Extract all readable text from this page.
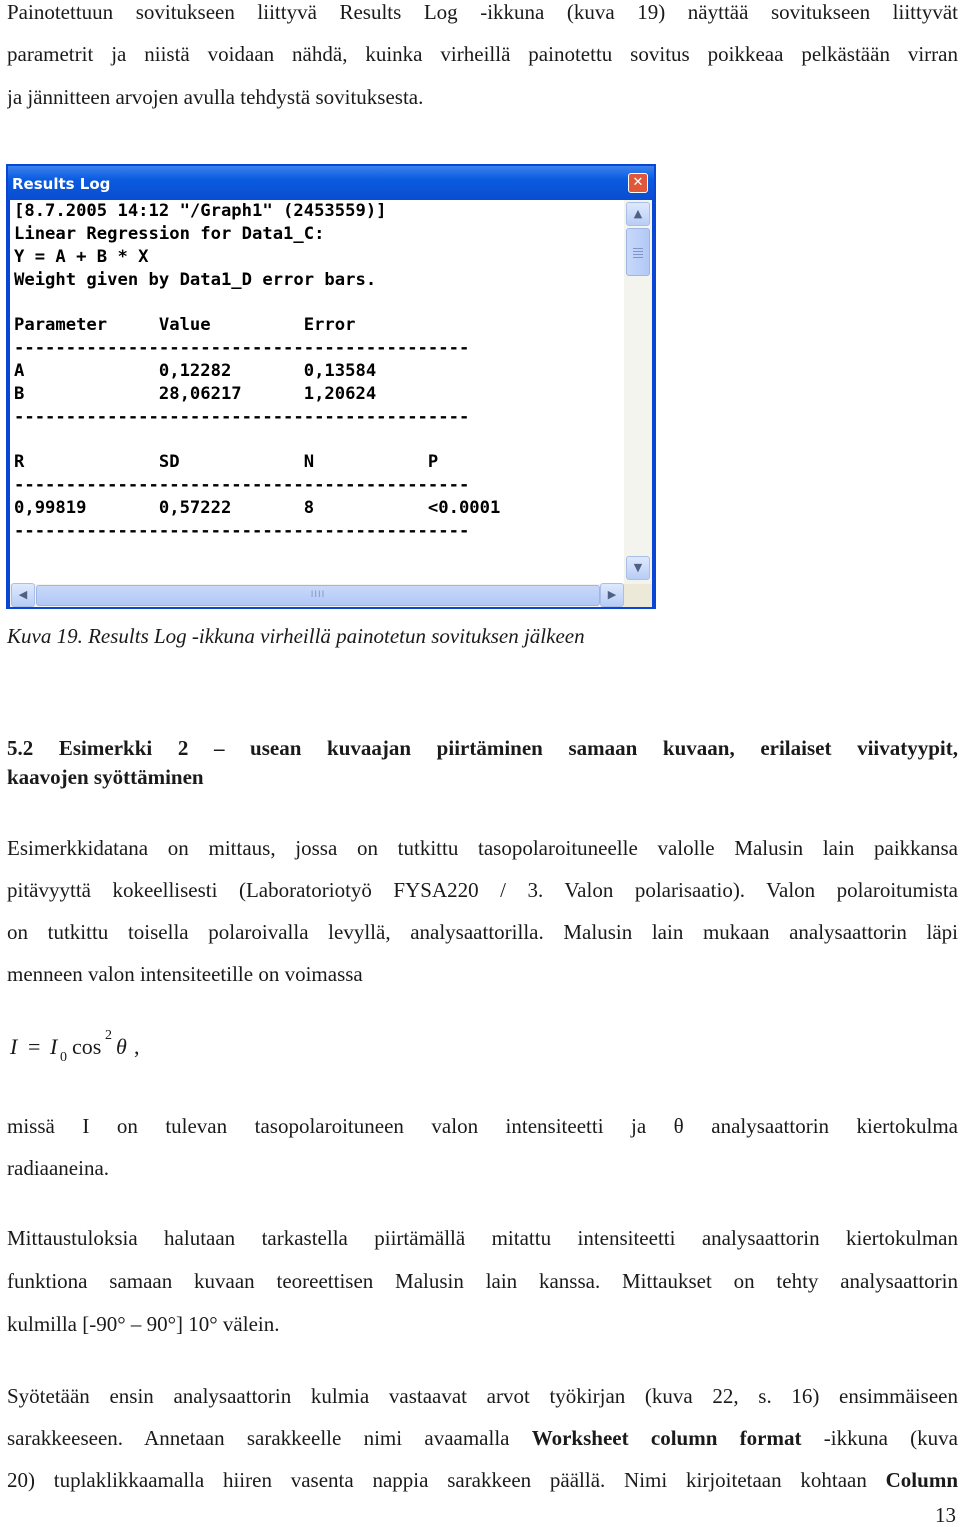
Painotettuun sovitukseen liittyvä Results Log -ikkuna (kuva 19) näyttää sovitukseen liittyvät
parametrit ja niistä voidaan nähdä, kuinka virheillä painotettu sovitus poikkeaa pelkästään virran
ja jännitteen arvojen avulla tehdystä sovituksesta.
Results Log	✕
[8.7.2005 14:12 "/Graph1" (2453559)]
Linear Regression for Data1_C:
Y = A + B * X
Weight given by Data1_D error bars.

Parameter     Value         Error
--------------------------------------------
A             0,12282       0,13584
B             28,06217      1,20624
--------------------------------------------

R             SD            N           P
--------------------------------------------
0,99819       0,57222       8           <0.0001
--------------------------------------------
▲
▼
◀	IIII	▶
Kuva 19. Results Log -ikkuna virheillä painotetun sovituksen jälkeen
5.2 Esimerkki 2 – usean kuvaajan piirtäminen samaan kuvaan, erilaiset viivatyypit,
kaavojen syöttäminen
Esimerkkidatana on mittaus, jossa on tutkittu tasopolaroituneelle valolle Malusin lain paikkansa
pitävyyttä kokeellisesti (Laboratoriotyö FYSA220 / 3. Valon polarisaatio). Valon polaroitumista
on tutkittu toisella polaroivalla levyllä, analysaattorilla. Malusin lain mukaan analysaattorin läpi
menneen valon intensiteetille on voimassa
I = I 0 cos 2 θ ,
missä I on tulevan tasopolaroituneen valon intensiteetti ja θ analysaattorin kiertokulma
radiaaneina.
Mittaustuloksia halutaan tarkastella piirtämällä mitattu intensiteetti analysaattorin kiertokulman
funktiona samaan kuvaan teoreettisen Malusin lain kanssa. Mittaukset on tehty analysaattorin
kulmilla [-90° – 90°] 10° välein.
Syötetään ensin analysaattorin kulmia vastaavat arvot työkirjan (kuva 22, s. 16) ensimmäiseen
sarakkeeseen. Annetaan sarakkeelle nimi avaamalla Worksheet column format -ikkuna (kuva
20) tuplaklikkaamalla hiiren vasenta nappia sarakkeen päällä. Nimi kirjoitetaan kohtaan Column
13
